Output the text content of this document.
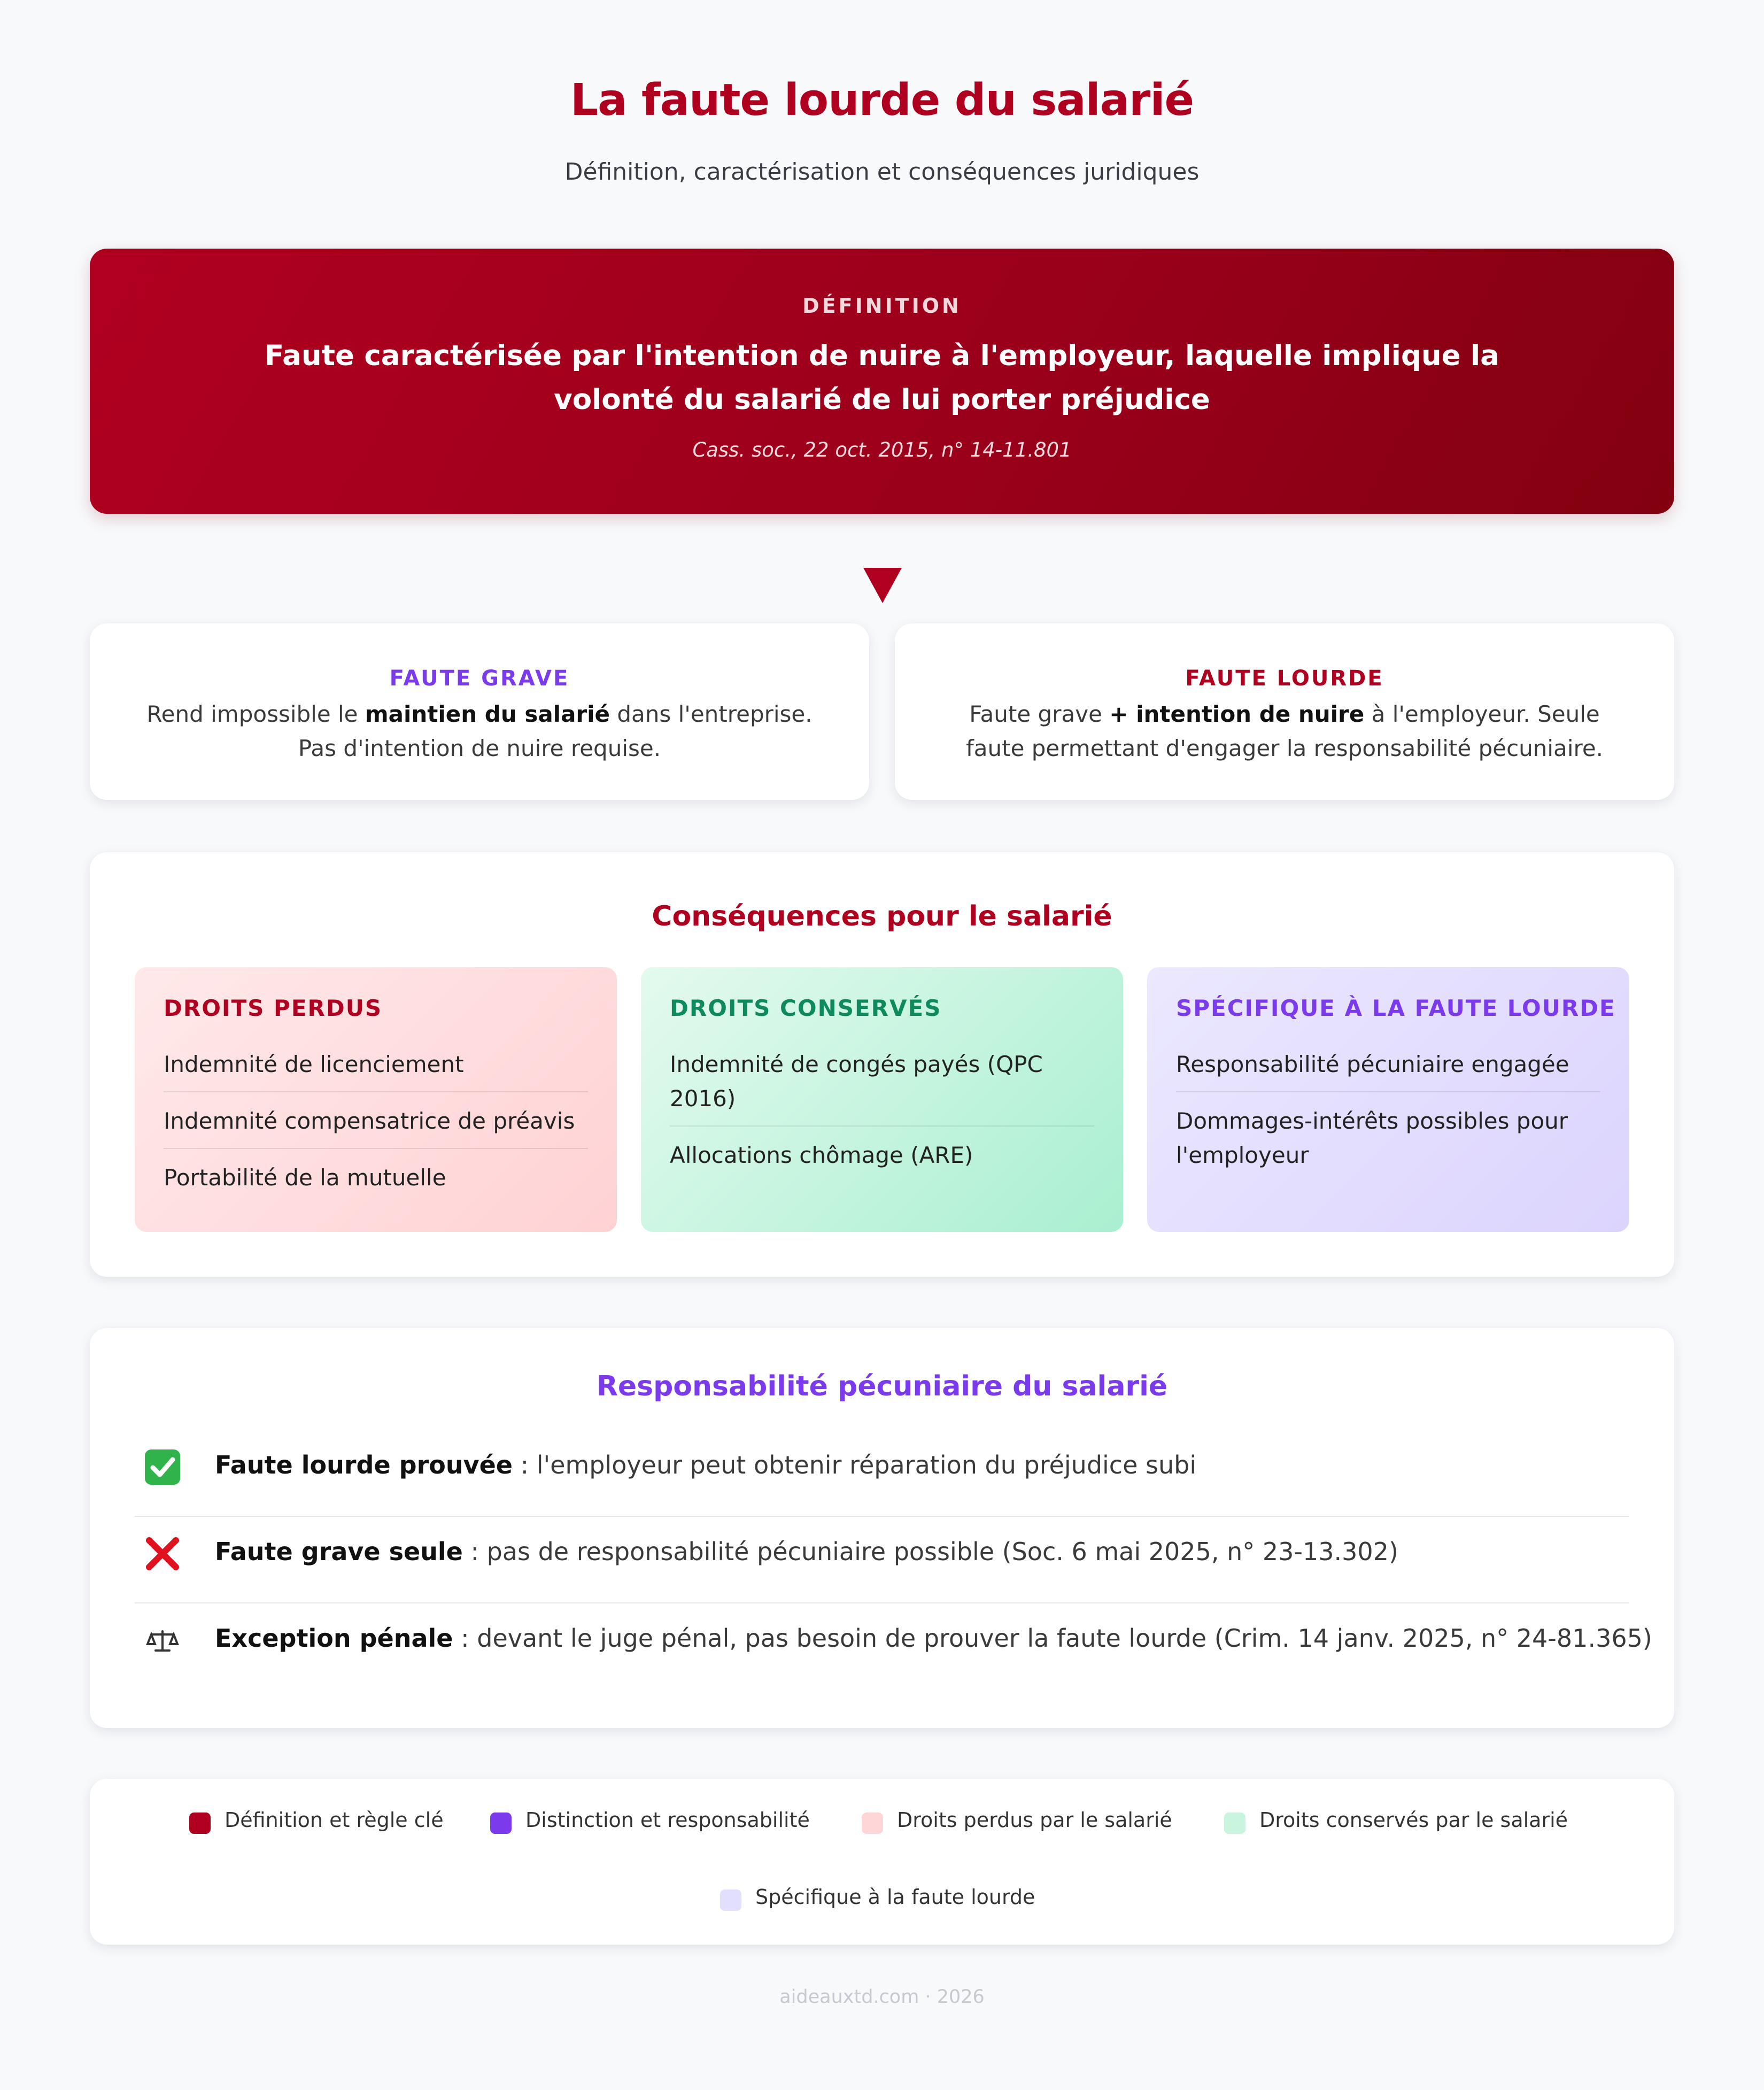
La faute lourde du salarié
Définition, caractérisation et conséquences juridiques
DÉFINITION
Faute caractérisée par l'intention de nuire à l'employeur, laquelle implique la volonté du salarié de lui porter préjudice
Cass. soc., 22 oct. 2015, n° 14-11.801
FAUTE GRAVE
Rend impossible le maintien du salarié dans l'entreprise. Pas d'intention de nuire requise.
FAUTE LOURDE
Faute grave + intention de nuire à l'employeur. Seule faute permettant d'engager la responsabilité pécuniaire.
Conséquences pour le salarié
DROITS PERDUS
Indemnité de licenciement
Indemnité compensatrice de préavis
Portabilité de la mutuelle
DROITS CONSERVÉS
Indemnité de congés payés (QPC 2016)
Allocations chômage (ARE)
SPÉCIFIQUE À LA FAUTE LOURDE
Responsabilité pécuniaire engagée
Dommages-intérêts possibles pour l'employeur
Responsabilité pécuniaire du salarié
Faute lourde prouvée : l'employeur peut obtenir réparation du préjudice subi
Faute grave seule : pas de responsabilité pécuniaire possible (Soc. 6 mai 2025, n° 23-13.302)
Exception pénale : devant le juge pénal, pas besoin de prouver la faute lourde (Crim. 14 janv. 2025, n° 24-81.365)
Définition et règle clé	Distinction et responsabilité	Droits perdus par le salarié	Droits conservés par le salarié
Spécifique à la faute lourde
aideauxtd.com · 2026
